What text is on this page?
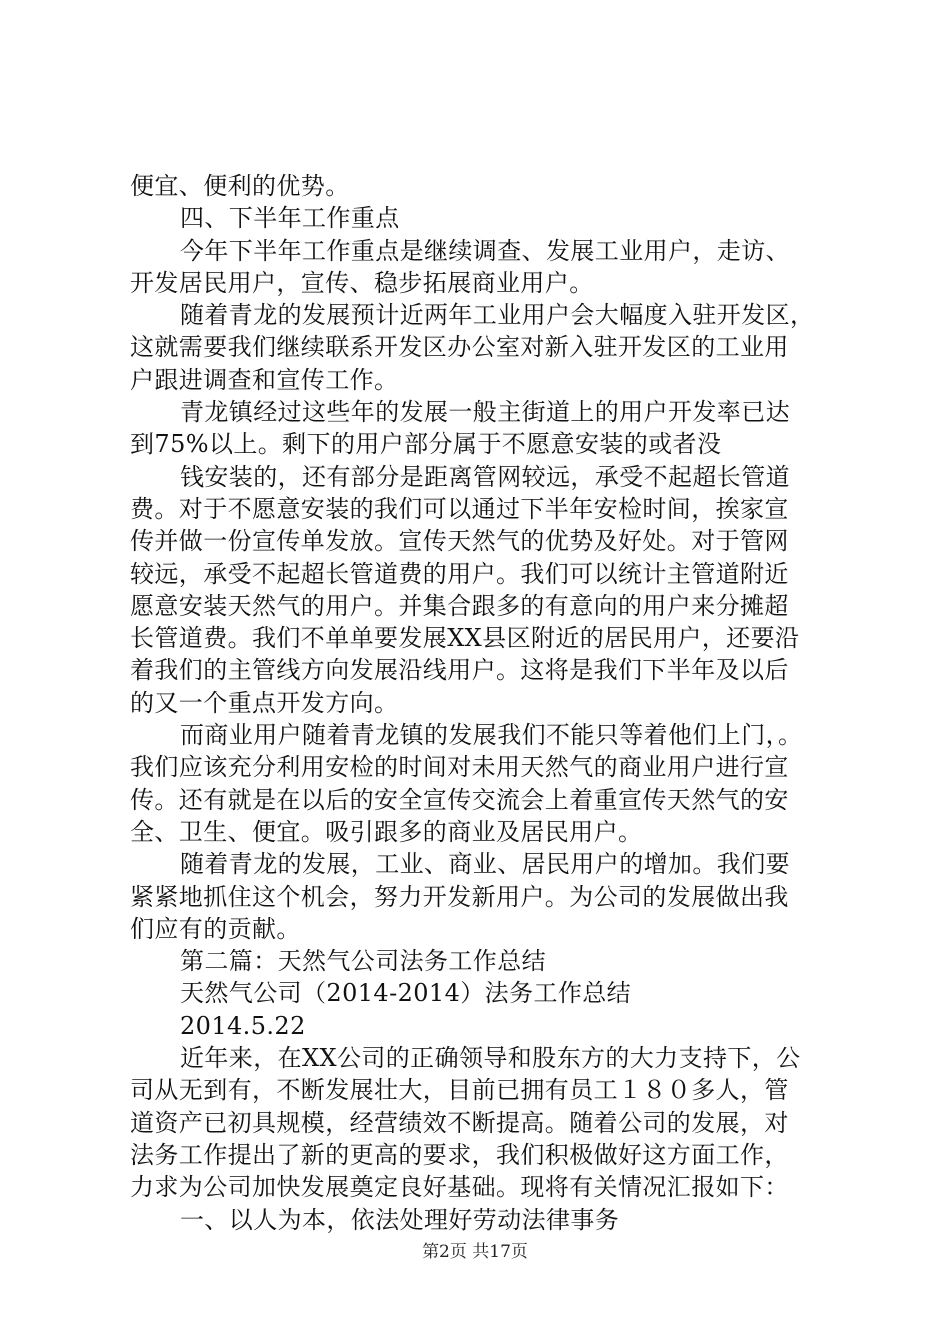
便宜、便利的优势。
四、下半年工作重点
今年下半年工作重点是继续调查、发展工业用户，走访、
开发居民用户，宣传、稳步拓展商业用户。
随着青龙的发展预计近两年工业用户会大幅度入驻开发区，
这就需要我们继续联系开发区办公室对新入驻开发区的工业用
户跟进调查和宣传工作。
青龙镇经过这些年的发展一般主街道上的用户开发率已达
到75%以上。剩下的用户部分属于不愿意安装的或者没
钱安装的，还有部分是距离管网较远，承受不起超长管道
费。对于不愿意安装的我们可以通过下半年安检时间，挨家宣
传并做一份宣传单发放。宣传天然气的优势及好处。对于管网
较远，承受不起超长管道费的用户。我们可以统计主管道附近
愿意安装天然气的用户。并集合跟多的有意向的用户来分摊超
长管道费。我们不单单要发展XX县区附近的居民用户，还要沿
着我们的主管线方向发展沿线用户。这将是我们下半年及以后
的又一个重点开发方向。
而商业用户随着青龙镇的发展我们不能只等着他们上门，。
我们应该充分利用安检的时间对未用天然气的商业用户进行宣
传。还有就是在以后的安全宣传交流会上着重宣传天然气的安
全、卫生、便宜。吸引跟多的商业及居民用户。
随着青龙的发展，工业、商业、居民用户的增加。我们要
紧紧地抓住这个机会，努力开发新用户。为公司的发展做出我
们应有的贡献。
第二篇：天然气公司法务工作总结
天然气公司（2014-2014）法务工作总结
2014.5.22
近年来，在XX公司的正确领导和股东方的大力支持下，公
司从无到有，不断发展壮大，目前已拥有员工１８０多人，管
道资产已初具规模，经营绩效不断提高。随着公司的发展，对
法务工作提出了新的更高的要求，我们积极做好这方面工作，
力求为公司加快发展奠定良好基础。现将有关情况汇报如下：
一、以人为本，依法处理好劳动法律事务
第2页 共17页
